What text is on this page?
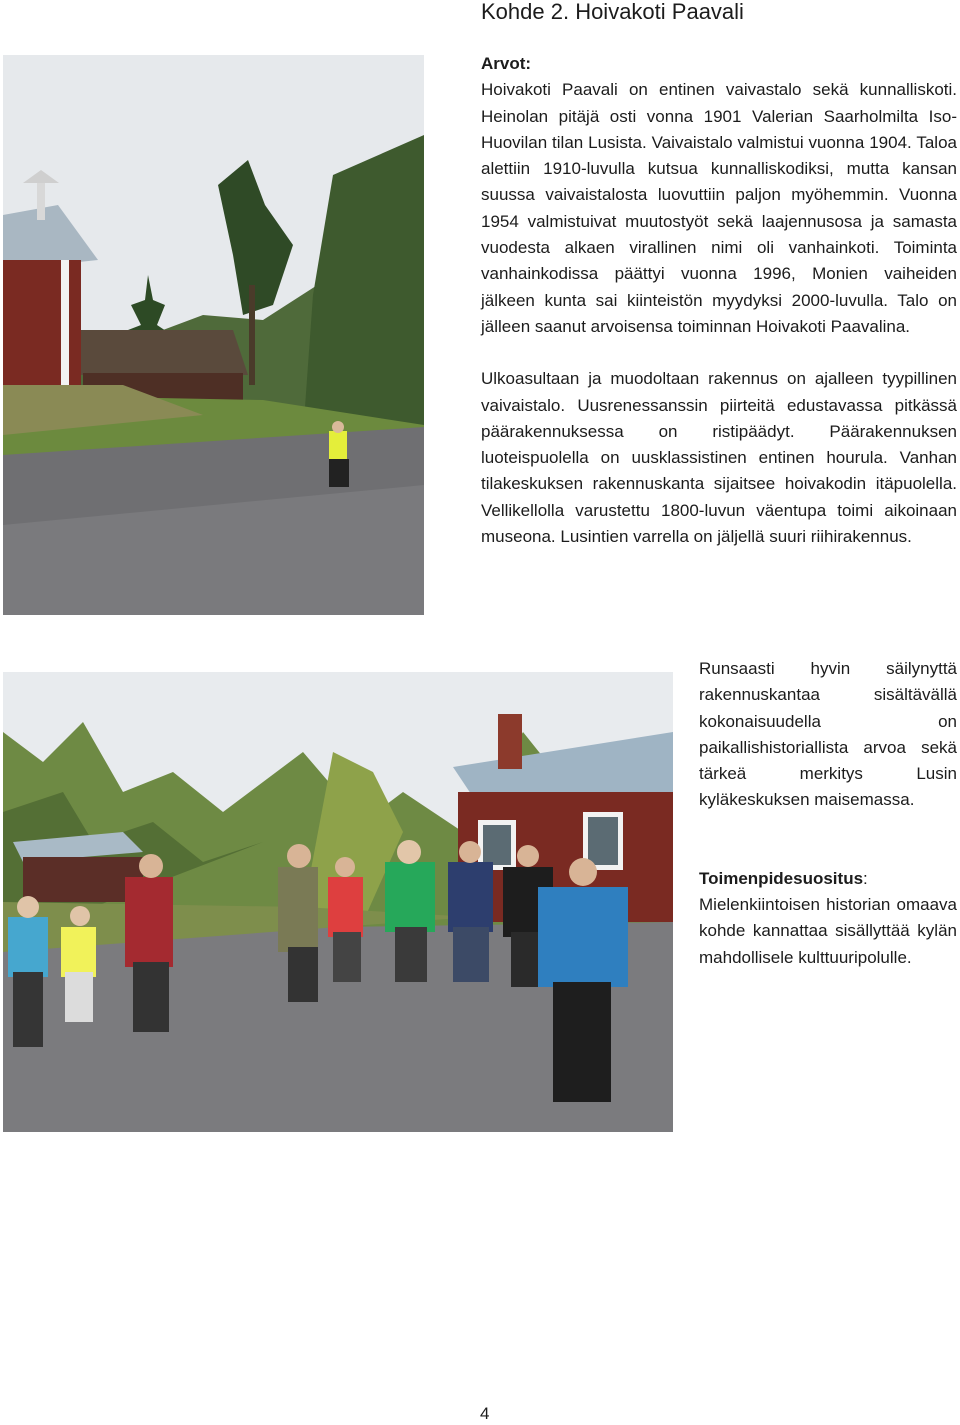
Kohde 2. Hoivakoti Paavali

Arvot:

Hoivakoti Paavali on entinen vaivastalo sekä kunnalliskoti. Heinolan pitäjä osti vonna 1901 Valerian Saarholmilta Iso-Huovilan tilan Lusista. Vaivaistalo valmistui vuonna 1904. Taloa alettiin 1910-luvulla kutsua kunnalliskodiksi, mutta kansan suussa vaivaistalosta luovuttiin paljon myöhemmin. Vuonna 1954 valmistuivat muutostyöt sekä laajennusosa ja samasta vuodesta alkaen virallinen nimi oli vanhainkoti. Toiminta vanhainkodissa päättyi vuonna 1996, Monien vaiheiden jälkeen kunta sai kiinteistön myydyksi 2000-luvulla. Talo on jälleen saanut arvoisensa toiminnan Hoivakoti Paavalina.

Ulkoasultaan ja muodoltaan rakennus on ajalleen tyypillinen vaivaistalo. Uusrenessanssin piirteitä edustavassa pitkässä päärakennuksessa on ristipäädyt. Päärakennuksen luoteispuolella on uusklassistinen entinen hourula. Vanhan tilakeskuksen rakennuskanta sijaitsee hoivakodin itäpuolella. Vellikellolla varustettu 1800-luvun väentupa toimi aikoinaan museona. Lusintien varrella on jäljellä suuri riihirakennus.

Runsaasti hyvin säilynyttä rakennuskantaa sisältävällä kokonaisuudella on paikallishistoriallista arvoa sekä tärkeä merkitys Lusin kyläkeskuksen maisemassa.

Toimenpidesuositus:

Mielenkiintoisen historian omaava kohde kannattaa sisällyttää kylän mahdollisele kulttuuripolulle.

4
